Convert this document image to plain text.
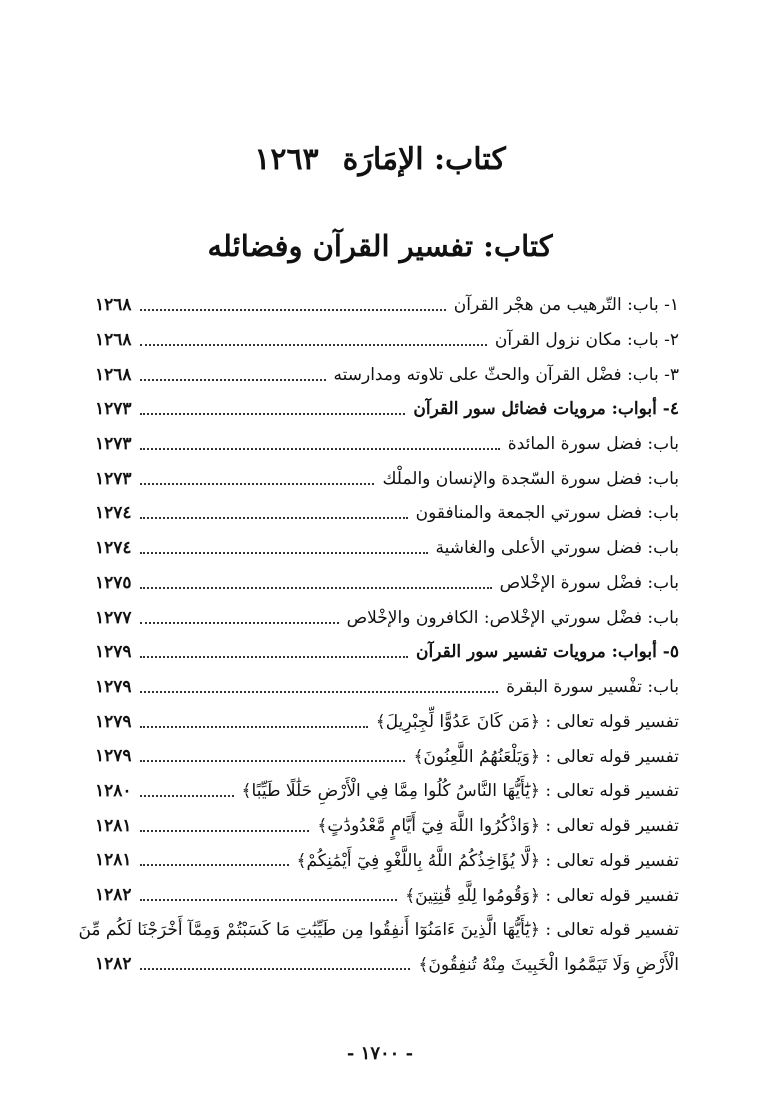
كتاب: الإمَارَة
١٢٦٣
كتاب: تفسير القرآن وفضائله
١- باب: التّرهيب من هجْر القرآن
١٢٦٨
٢- باب: مكان نزول القرآن
١٢٦٨
٣- باب: فضْل القرآن والحثّ على تلاوته ومدارسته
١٢٦٨
٤- أبواب: مرويات فضائل سور القرآن
١٢٧٣
باب: فضل سورة المائدة
١٢٧٣
باب: فضل سورة السّجدة والإنسان والملْك
١٢٧٣
باب: فضل سورتي الجمعة والمنافقون
١٢٧٤
باب: فضل سورتي الأعلى والغاشية
١٢٧٤
باب: فضْل سورة الإخْلاص
١٢٧٥
باب: فضْل سورتي الإخْلاص: الكافرون والإخْلاص
١٢٧٧
٥- أبواب: مرويات تفسير سور القرآن
١٢٧٩
باب: تفْسير سورة البقرة
١٢٧٩
تفسير قوله تعالى : ﴿مَن كَانَ عَدُوًّا لِّجِبْرِيلَ﴾
١٢٧٩
تفسير قوله تعالى : ﴿وَيَلْعَنُهُمُ اللَّعِنُونَ﴾
١٢٧٩
تفسير قوله تعالى : ﴿يَٰٓأَيُّهَا النَّاسُ كُلُوا مِمَّا فِي الْأَرْضِ حَلَٰلًا طَيِّبًا﴾
١٢٨٠
تفسير قوله تعالى : ﴿وَاذْكُرُوا اللَّهَ فِيٓ أَيَّامٍ مَّعْدُودَٰتٍ﴾
١٢٨١
تفسير قوله تعالى : ﴿لَّا يُؤَاخِذُكُمُ اللَّهُ بِاللَّغْوِ فِيٓ أَيْمَٰنِكُمْ﴾
١٢٨١
تفسير قوله تعالى : ﴿وَقُومُوا لِلَّهِ قَٰنِتِينَ﴾
١٢٨٢
تفسير قوله تعالى : ﴿يَٰٓأَيُّهَا الَّذِينَ ءَامَنُوٓا أَنفِقُوا مِن طَيِّبَٰتِ مَا كَسَبْتُمْ وَمِمَّآ أَخْرَجْنَا لَكُم مِّنَ
الْأَرْضِ وَلَا تَيَمَّمُوا الْخَبِيثَ مِنْهُ تُنفِقُونَ﴾
١٢٨٢
- ١٧٠٠ -
